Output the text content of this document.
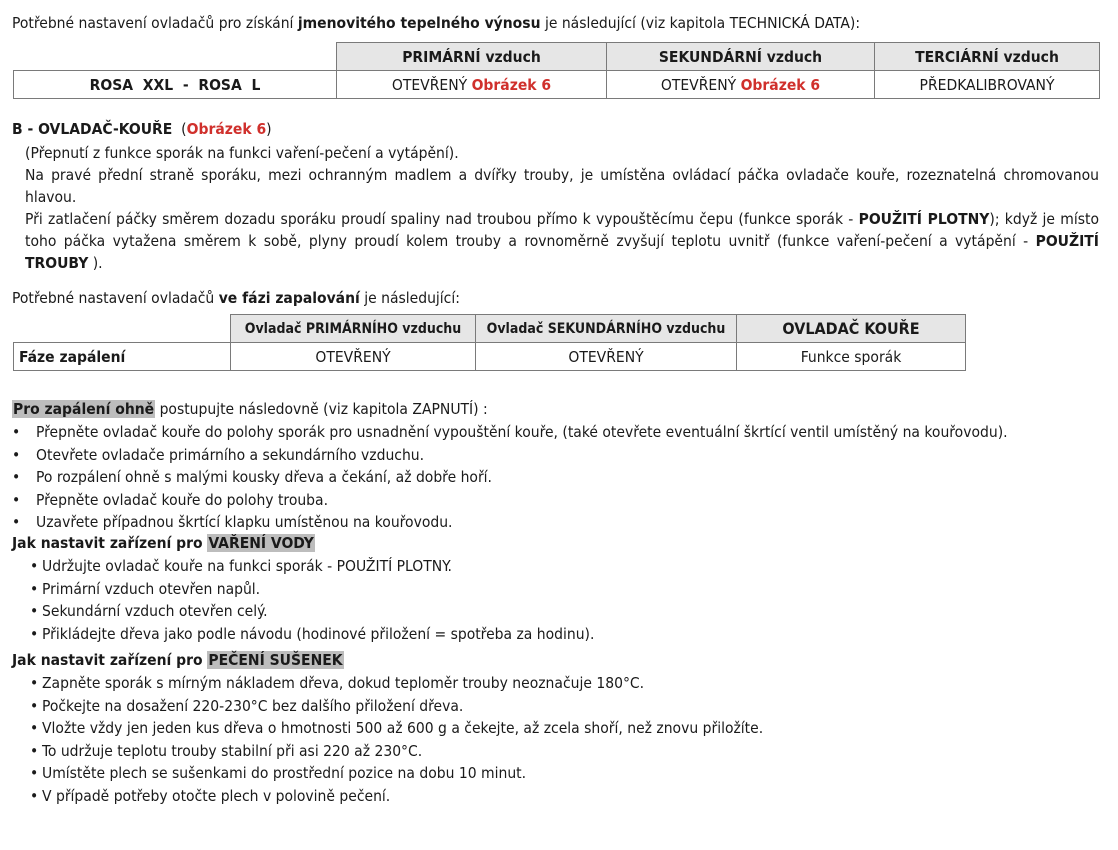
Potřebné nastavení ovladačů pro získání jmenovitého tepelného výnosu je následující (viz kapitola TECHNICKÁ DATA):
	PRIMÁRNÍ vzduch	SEKUNDÁRNÍ vzduch	TERCIÁRNÍ vzduch
ROSA  XXL  -  ROSA  L	OTEVŘENÝ Obrázek 6	OTEVŘENÝ Obrázek 6	PŘEDKALIBROVANÝ
B - OVLADAČ-KOUŘE  (Obrázek 6)
(Přepnutí z funkce sporák na funkci vaření-pečení a vytápění).
Na pravé přední straně sporáku, mezi ochranným madlem a dvířky trouby, je umístěna ovládací páčka ovladače kouře, rozeznatelná chromovanou hlavou.
Při zatlačení páčky směrem dozadu sporáku proudí spaliny nad troubou přímo k vypouštěcímu čepu (funkce sporák - POUŽITÍ PLOTNY); když je místo toho páčka vytažena směrem k sobě, plyny proudí kolem trouby a rovnoměrně zvyšují teplotu uvnitř (funkce vaření-pečení a vytápění - POUŽITÍ TROUBY ).
Potřebné nastavení ovladačů ve fázi zapalování je následující:
	Ovladač PRIMÁRNÍHO vzduchu	Ovladač SEKUNDÁRNÍHO vzduchu	OVLADAČ KOUŘE
Fáze zapálení	OTEVŘENÝ	OTEVŘENÝ	Funkce sporák
Pro zapálení ohně postupujte následovně (viz kapitola ZAPNUTÍ) :
• Přepněte ovladač kouře do polohy sporák pro usnadnění vypouštění kouře, (také otevřete eventuální škrtící ventil umístěný na kouřovodu).
• Otevřete ovladače primárního a sekundárního vzduchu.
• Po rozpálení ohně s malými kousky dřeva a čekání, až dobře hoří.
• Přepněte ovladač kouře do polohy trouba.
• Uzavřete případnou škrtící klapku umístěnou na kouřovodu.
Jak nastavit zařízení pro VAŘENÍ VODY
• Udržujte ovladač kouře na funkci sporák - POUŽITÍ PLOTNY.
• Primární vzduch otevřen napůl.
• Sekundární vzduch otevřen celý.
• Přikládejte dřeva jako podle návodu (hodinové přiložení = spotřeba za hodinu).
Jak nastavit zařízení pro PEČENÍ SUŠENEK
• Zapněte sporák s mírným nákladem dřeva, dokud teploměr trouby neoznačuje 180°C.
• Počkejte na dosažení 220-230°C bez dalšího přiložení dřeva.
• Vložte vždy jen jeden kus dřeva o hmotnosti 500 až 600 g a čekejte, až zcela shoří, než znovu přiložíte.
• To udržuje teplotu trouby stabilní při asi 220 až 230°C.
• Umístěte plech se sušenkami do prostřední pozice na dobu 10 minut.
• V případě potřeby otočte plech v polovině pečení.
